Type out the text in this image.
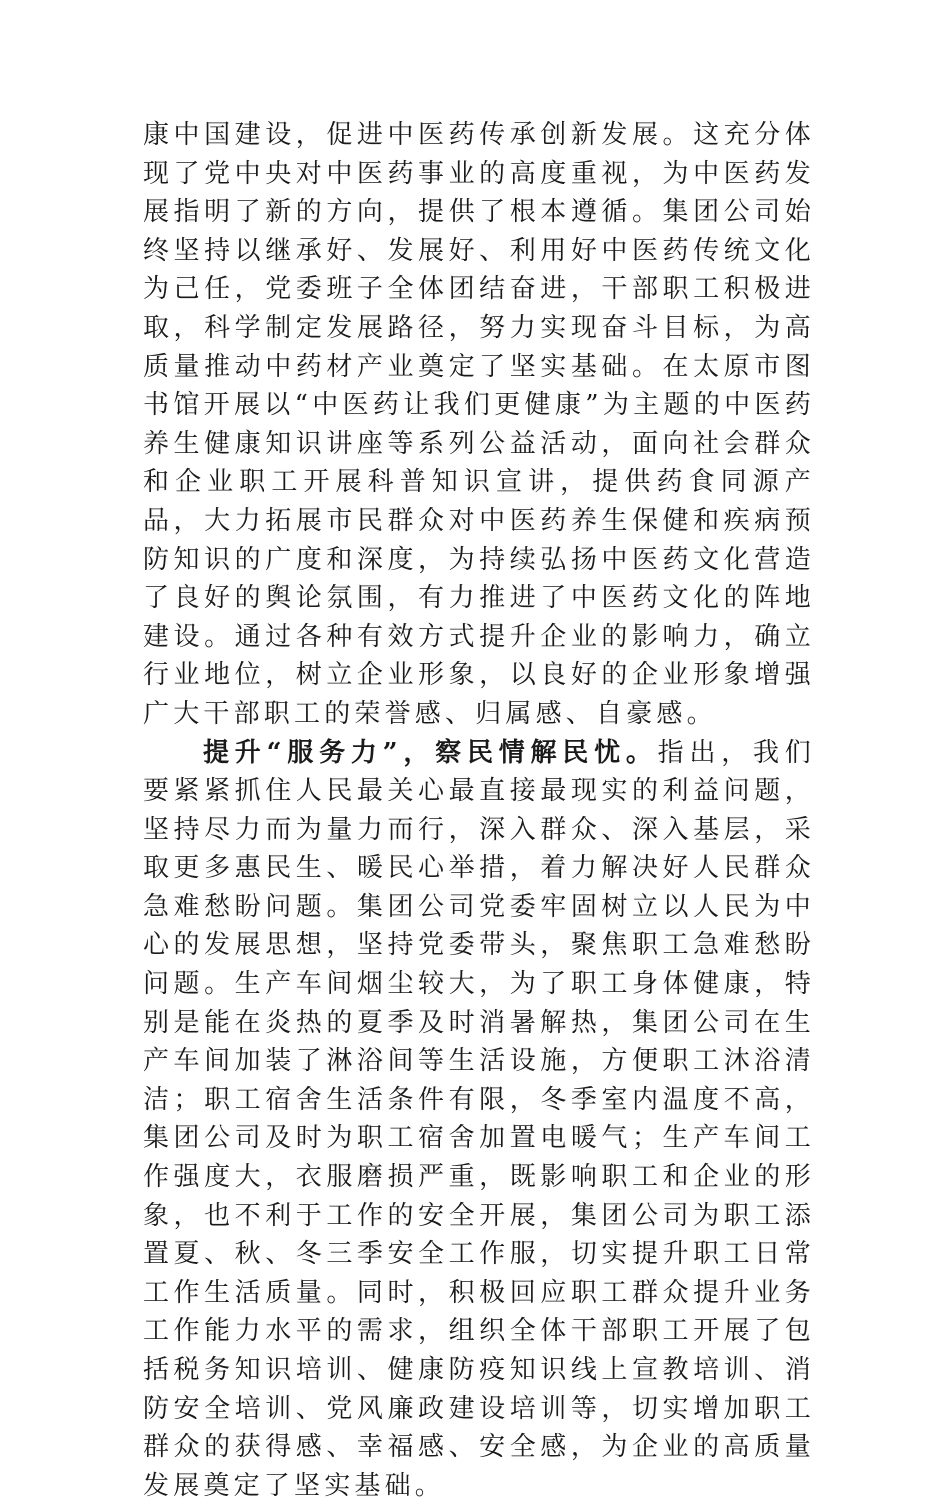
康中国建设，促进中医药传承创新发展。这充分体现了党中央对中医药事业的高度重视，为中医药发展指明了新的方向，提供了根本遵循。集团公司始终坚持以继承好、发展好、利用好中医药传统文化为己任，党委班子全体团结奋进，干部职工积极进取，科学制定发展路径，努力实现奋斗目标，为高质量推动中药材产业奠定了坚实基础。在太原市图书馆开展以“中医药让我们更健康”为主题的中医药养生健康知识讲座等系列公益活动，面向社会群众和企业职工开展科普知识宣讲，提供药食同源产品，大力拓展市民群众对中医药养生保健和疾病预防知识的广度和深度，为持续弘扬中医药文化营造了良好的舆论氛围，有力推进了中医药文化的阵地建设。通过各种有效方式提升企业的影响力，确立行业地位，树立企业形象，以良好的企业形象增强广大干部职工的荣誉感、归属感、自豪感。

提升“服务力”，察民情解民忧。指出，我们要紧紧抓住人民最关心最直接最现实的利益问题，坚持尽力而为量力而行，深入群众、深入基层，采取更多惠民生、暖民心举措，着力解决好人民群众急难愁盼问题。集团公司党委牢固树立以人民为中心的发展思想，坚持党委带头，聚焦职工急难愁盼问题。生产车间烟尘较大，为了职工身体健康，特别是能在炎热的夏季及时消暑解热，集团公司在生产车间加装了淋浴间等生活设施，方便职工沐浴清洁；职工宿舍生活条件有限，冬季室内温度不高，集团公司及时为职工宿舍加置电暖气；生产车间工作强度大，衣服磨损严重，既影响职工和企业的形象，也不利于工作的安全开展，集团公司为职工添置夏、秋、冬三季安全工作服，切实提升职工日常工作生活质量。同时，积极回应职工群众提升业务工作能力水平的需求，组织全体干部职工开展了包括税务知识培训、健康防疫知识线上宣教培训、消防安全培训、党风廉政建设培训等，切实增加职工群众的获得感、幸福感、安全感，为企业的高质量发展奠定了坚实基础。
